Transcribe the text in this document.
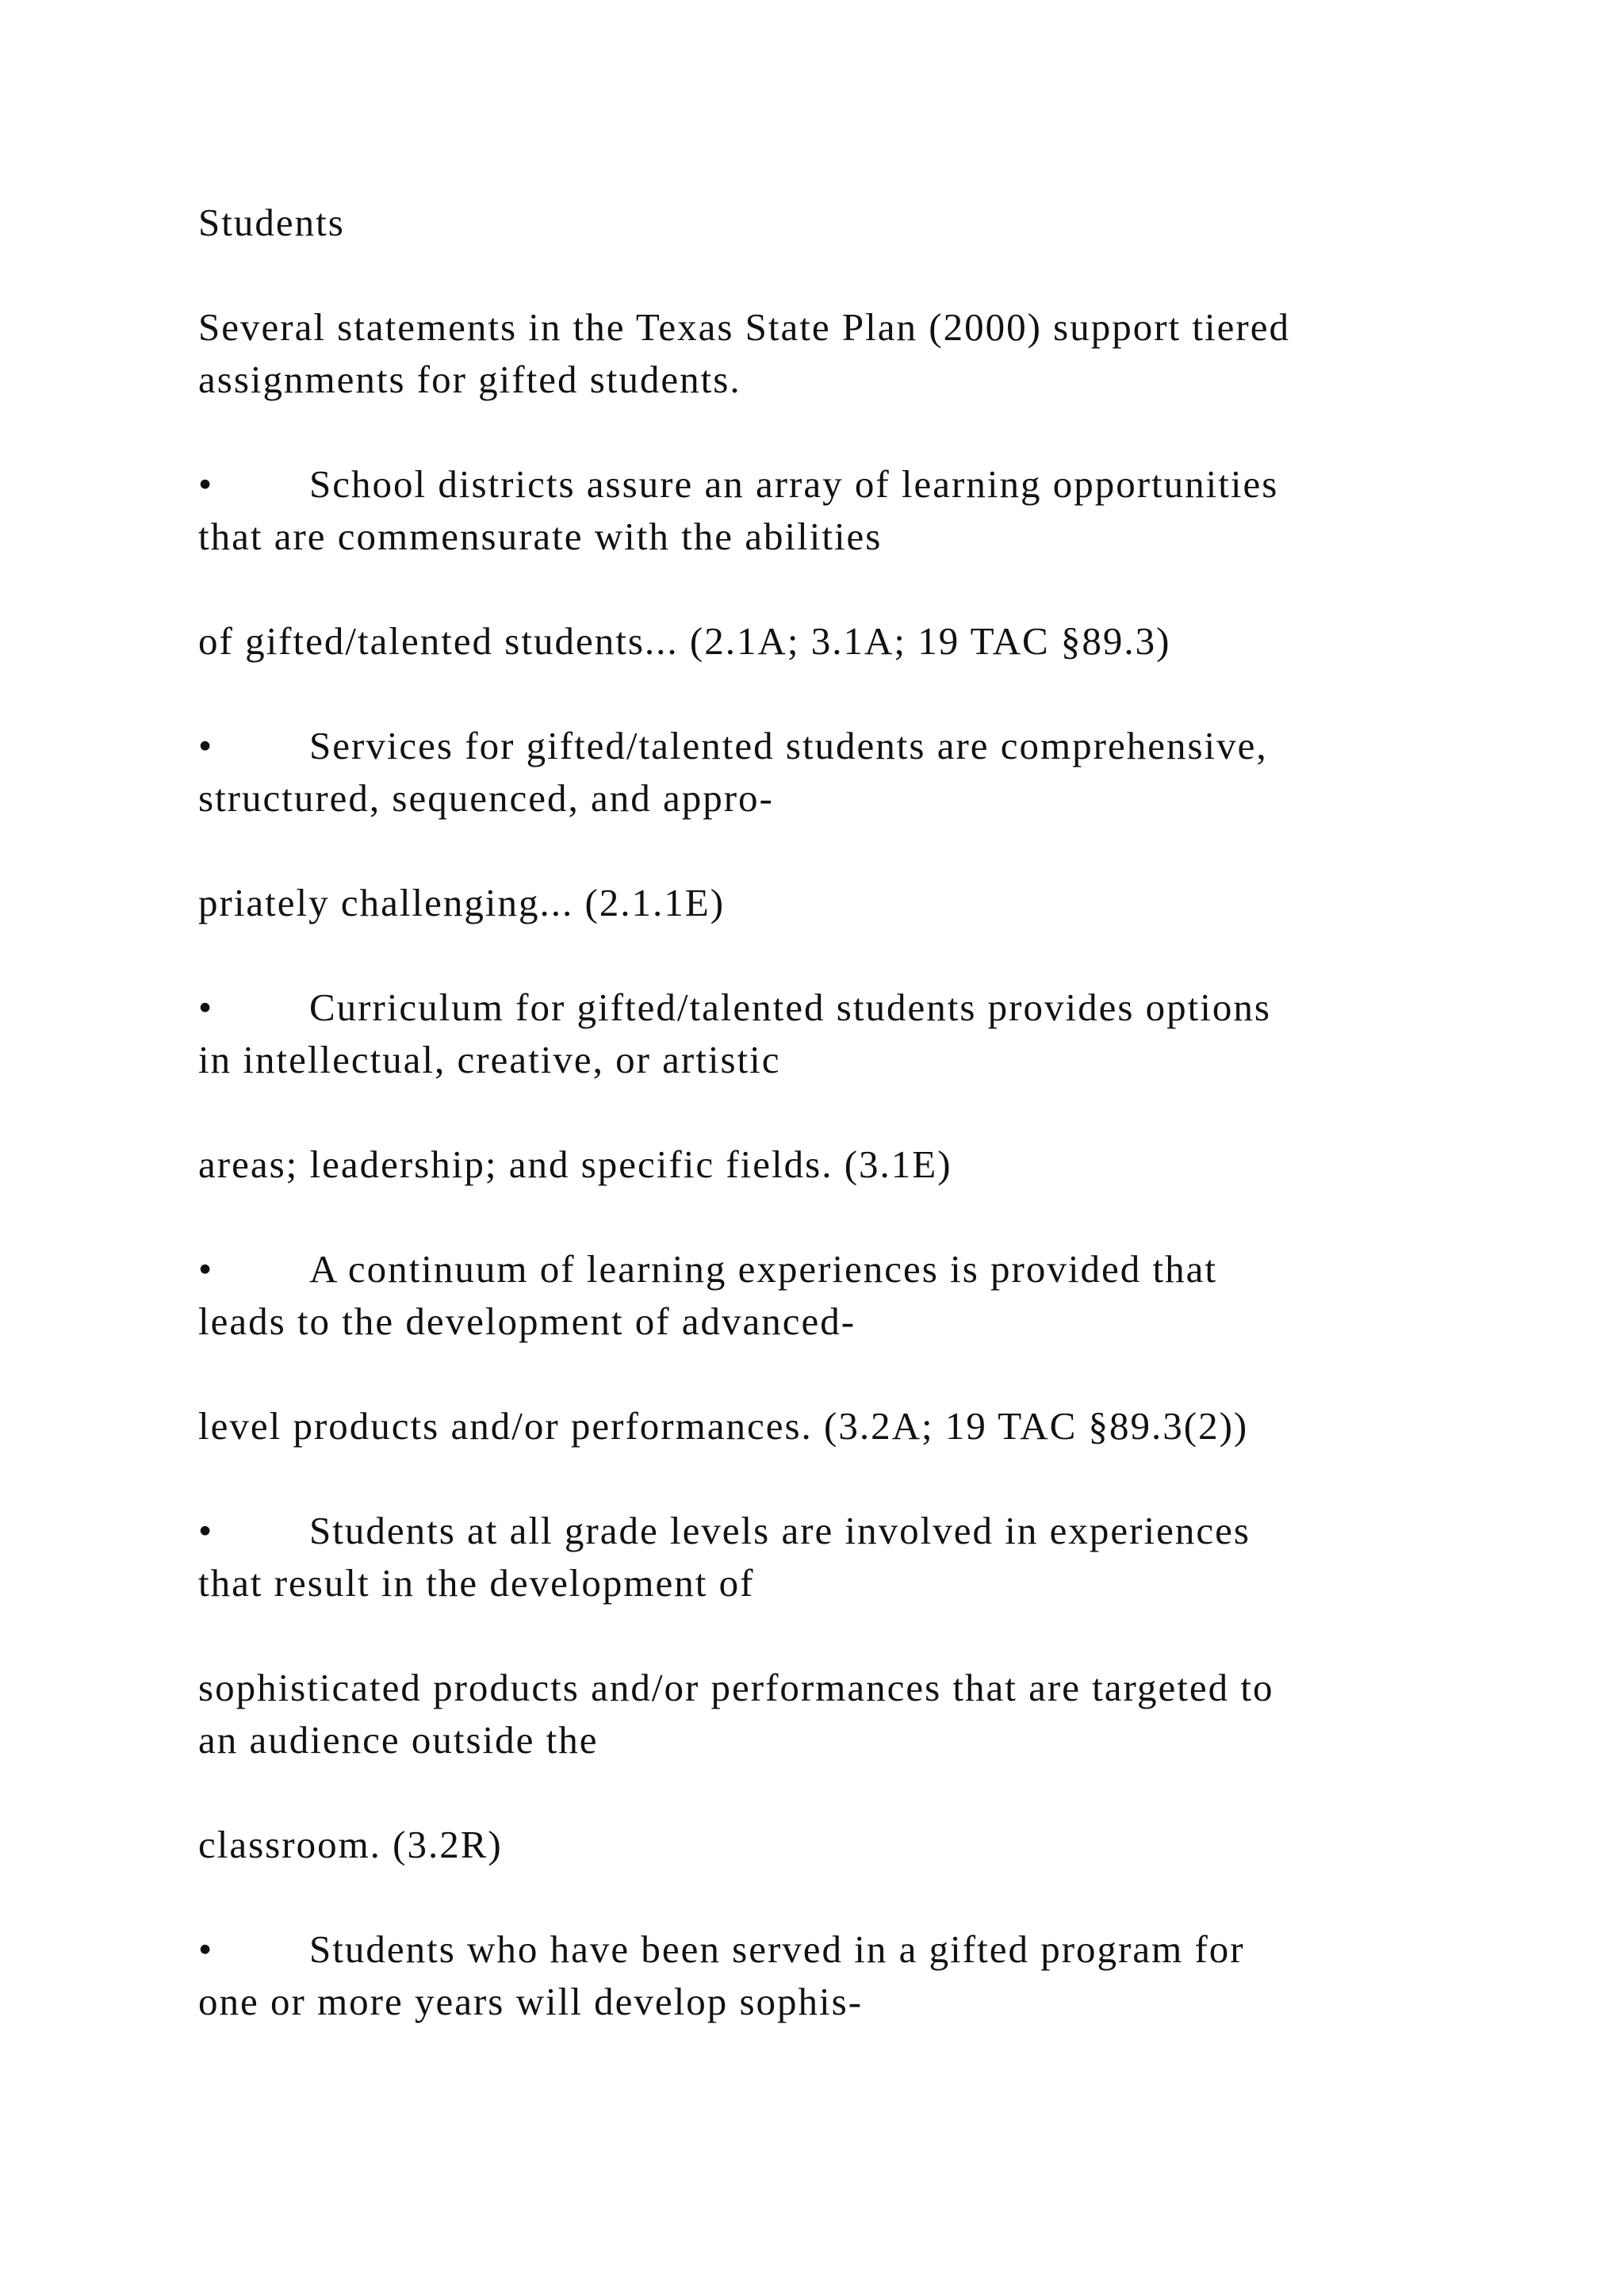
Students

Several statements in the Texas State Plan (2000) support tiered

assignments for gifted students.

• School districts assure an array of learning opportunities

that are commensurate with the abilities

of gifted/talented students... (2.1A; 3.1A; 19 TAC §89.3)

• Services for gifted/talented students are comprehensive,

structured, sequenced, and appro-

priately challenging... (2.1.1E)

• Curriculum for gifted/talented students provides options

in intellectual, creative, or artistic

areas; leadership; and specific fields. (3.1E)

• A continuum of learning experiences is provided that

leads to the development of advanced-

level products and/or performances. (3.2A; 19 TAC §89.3(2))

• Students at all grade levels are involved in experiences

that result in the development of

sophisticated products and/or performances that are targeted to

an audience outside the

classroom. (3.2R)

• Students who have been served in a gifted program for

one or more years will develop sophis-
